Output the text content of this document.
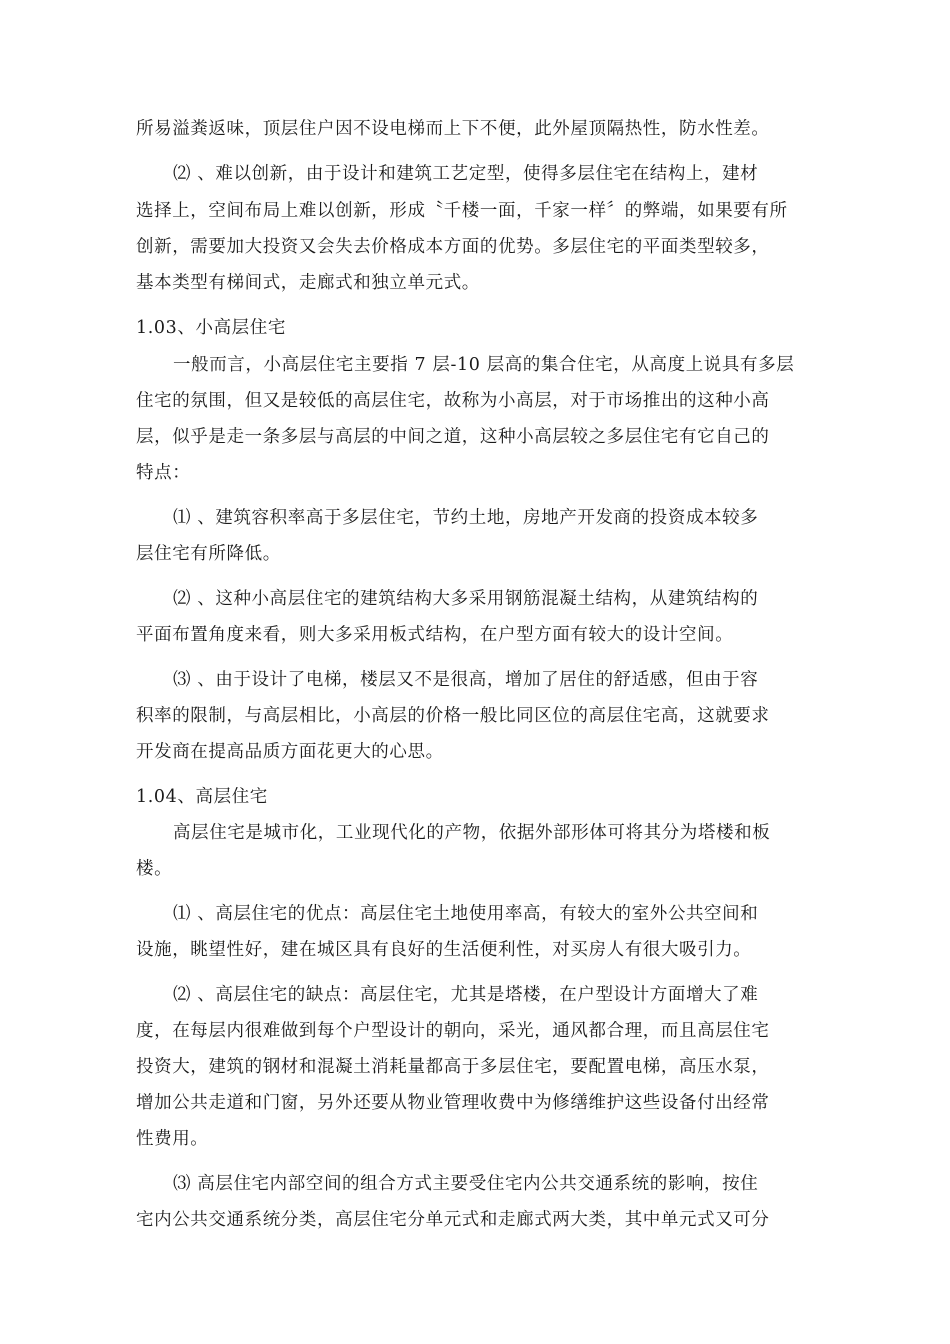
所易溢粪返味，顶层住户因不设电梯而上下不便，此外屋顶隔热性，防水性差。
⑵ 、难以创新，由于设计和建筑工艺定型，使得多层住宅在结构上，建材
选择上，空间布局上难以创新，形成〝千楼一面，千家一样〞的弊端，如果要有所
创新，需要加大投资又会失去价格成本方面的优势。多层住宅的平面类型较多，
基本类型有梯间式，走廊式和独立单元式。
1.03、小高层住宅
一般而言，小高层住宅主要指 7 层-10 层高的集合住宅，从高度上说具有多层
住宅的氛围，但又是较低的高层住宅，故称为小高层，对于市场推出的这种小高
层，似乎是走一条多层与高层的中间之道，这种小高层较之多层住宅有它自己的
特点：
⑴ 、建筑容积率高于多层住宅，节约土地，房地产开发商的投资成本较多
层住宅有所降低。
⑵ 、这种小高层住宅的建筑结构大多采用钢筋混凝土结构，从建筑结构的
平面布置角度来看，则大多采用板式结构，在户型方面有较大的设计空间。
⑶ 、由于设计了电梯，楼层又不是很高，增加了居住的舒适感，但由于容
积率的限制，与高层相比，小高层的价格一般比同区位的高层住宅高，这就要求
开发商在提高品质方面花更大的心思。
1.04、高层住宅
高层住宅是城市化，工业现代化的产物，依据外部形体可将其分为塔楼和板
楼。
⑴ 、高层住宅的优点：高层住宅土地使用率高，有较大的室外公共空间和
设施，眺望性好，建在城区具有良好的生活便利性，对买房人有很大吸引力。
⑵ 、高层住宅的缺点：高层住宅，尤其是塔楼，在户型设计方面增大了难
度，在每层内很难做到每个户型设计的朝向，采光，通风都合理，而且高层住宅
投资大，建筑的钢材和混凝土消耗量都高于多层住宅，要配置电梯，高压水泵，
增加公共走道和门窗，另外还要从物业管理收费中为修缮维护这些设备付出经常
性费用。
⑶ 高层住宅内部空间的组合方式主要受住宅内公共交通系统的影响，按住
宅内公共交通系统分类，高层住宅分单元式和走廊式两大类，其中单元式又可分
